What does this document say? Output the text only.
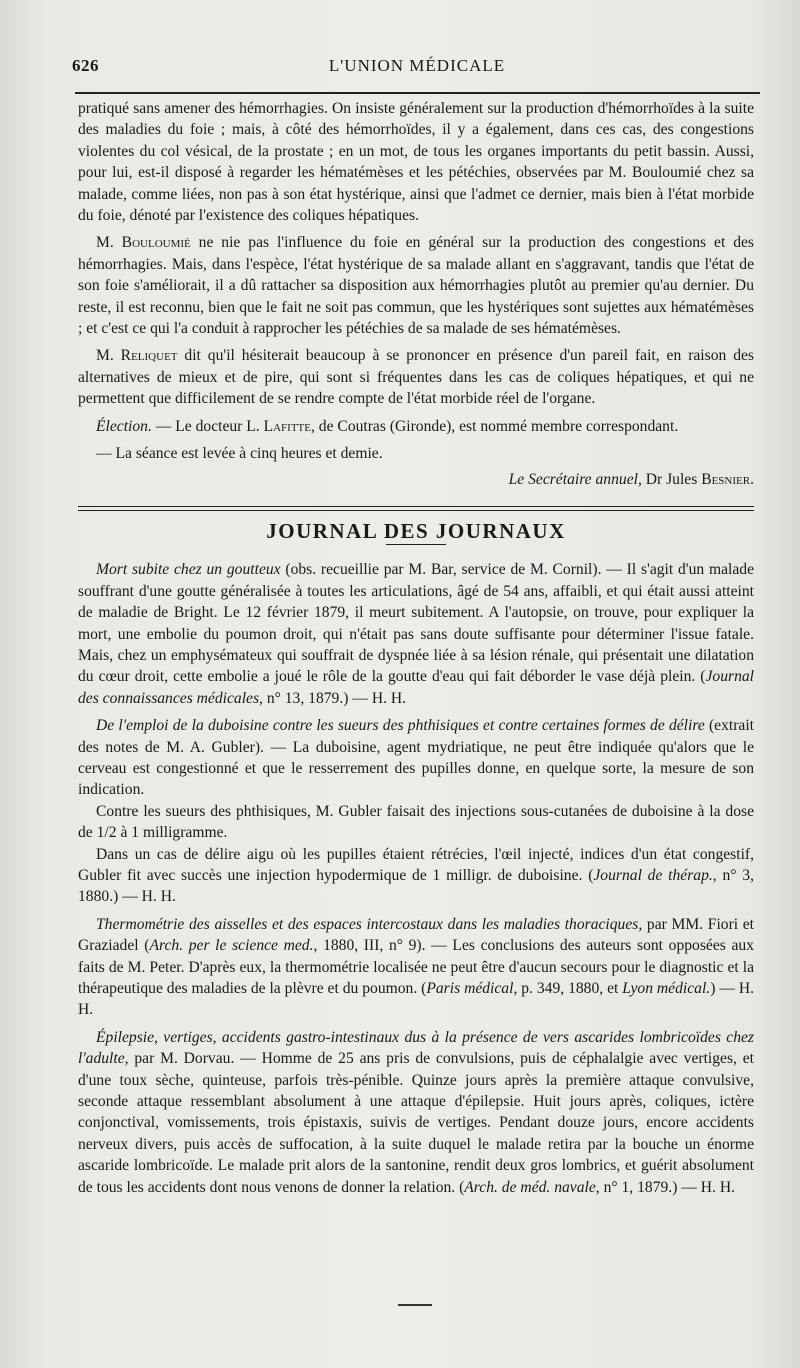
626	L'UNION MÉDICALE

pratiqué sans amener des hémorrhagies. On insiste généralement sur la production d'hémorrhoïdes à la suite des maladies du foie ; mais, à côté des hémorrhoïdes, il y a également, dans ces cas, des congestions violentes du col vésical, de la prostate ; en un mot, de tous les organes importants du petit bassin. Aussi, pour lui, est-il disposé à regarder les hématémèses et les pétéchies, observées par M. Bouloumié chez sa malade, comme liées, non pas à son état hystérique, ainsi que l'admet ce dernier, mais bien à l'état morbide du foie, dénoté par l'existence des coliques hépatiques.

M. Bouloumié ne nie pas l'influence du foie en général sur la production des congestions et des hémorrhagies. Mais, dans l'espèce, l'état hystérique de sa malade allant en s'aggravant, tandis que l'état de son foie s'améliorait, il a dû rattacher sa disposition aux hémorrhagies plutôt au premier qu'au dernier. Du reste, il est reconnu, bien que le fait ne soit pas commun, que les hystériques sont sujettes aux hématémèses ; et c'est ce qui l'a conduit à rapprocher les pétéchies de sa malade de ses hématémèses.

M. Reliquet dit qu'il hésiterait beaucoup à se prononcer en présence d'un pareil fait, en raison des alternatives de mieux et de pire, qui sont si fréquentes dans les cas de coliques hépatiques, et qui ne permettent que difficilement de se rendre compte de l'état morbide réel de l'organe.

Élection. — Le docteur L. Lafitte, de Coutras (Gironde), est nommé membre correspondant.

— La séance est levée à cinq heures et demie.

Le Secrétaire annuel, Dr Jules Besnier.

JOURNAL DES JOURNAUX

Mort subite chez un goutteux (obs. recueillie par M. Bar, service de M. Cornil). — Il s'agit d'un malade souffrant d'une goutte généralisée à toutes les articulations, âgé de 54 ans, affaibli, et qui était aussi atteint de maladie de Bright. Le 12 février 1879, il meurt subitement. A l'autopsie, on trouve, pour expliquer la mort, une embolie du poumon droit, qui n'était pas sans doute suffisante pour déterminer l'issue fatale. Mais, chez un emphysémateux qui souffrait de dyspnée liée à sa lésion rénale, qui présentait une dilatation du cœur droit, cette embolie a joué le rôle de la goutte d'eau qui fait déborder le vase déjà plein. (Journal des connaissances médicales, n° 13, 1879.) — H. H.

De l'emploi de la duboisine contre les sueurs des phthisiques et contre certaines formes de délire (extrait des notes de M. A. Gubler). — La duboisine, agent mydriatique, ne peut être indiquée qu'alors que le cerveau est congestionné et que le resserrement des pupilles donne, en quelque sorte, la mesure de son indication.

Contre les sueurs des phthisiques, M. Gubler faisait des injections sous-cutanées de duboisine à la dose de 1/2 à 1 milligramme.

Dans un cas de délire aigu où les pupilles étaient rétrécies, l'œil injecté, indices d'un état congestif, Gubler fit avec succès une injection hypodermique de 1 milligr. de duboisine. (Journal de thérap., n° 3, 1880.) — H. H.

Thermométrie des aisselles et des espaces intercostaux dans les maladies thoraciques, par MM. Fiori et Graziadel (Arch. per le science med., 1880, III, n° 9). — Les conclusions des auteurs sont opposées aux faits de M. Peter. D'après eux, la thermométrie localisée ne peut être d'aucun secours pour le diagnostic et la thérapeutique des maladies de la plèvre et du poumon. (Paris médical, p. 349, 1880, et Lyon médical.) — H. H.

Épilepsie, vertiges, accidents gastro-intestinaux dus à la présence de vers ascarides lombricoïdes chez l'adulte, par M. Dorvau. — Homme de 25 ans pris de convulsions, puis de céphalalgie avec vertiges, et d'une toux sèche, quinteuse, parfois très-pénible. Quinze jours après la première attaque convulsive, seconde attaque ressemblant absolument à une attaque d'épilepsie. Huit jours après, coliques, ictère conjonctival, vomissements, trois épistaxis, suivis de vertiges. Pendant douze jours, encore accidents nerveux divers, puis accès de suffocation, à la suite duquel le malade retira par la bouche un énorme ascaride lombricoïde. Le malade prit alors de la santonine, rendit deux gros lombrics, et guérit absolument de tous les accidents dont nous venons de donner la relation. (Arch. de méd. navale, n° 1, 1879.) — H. H.
